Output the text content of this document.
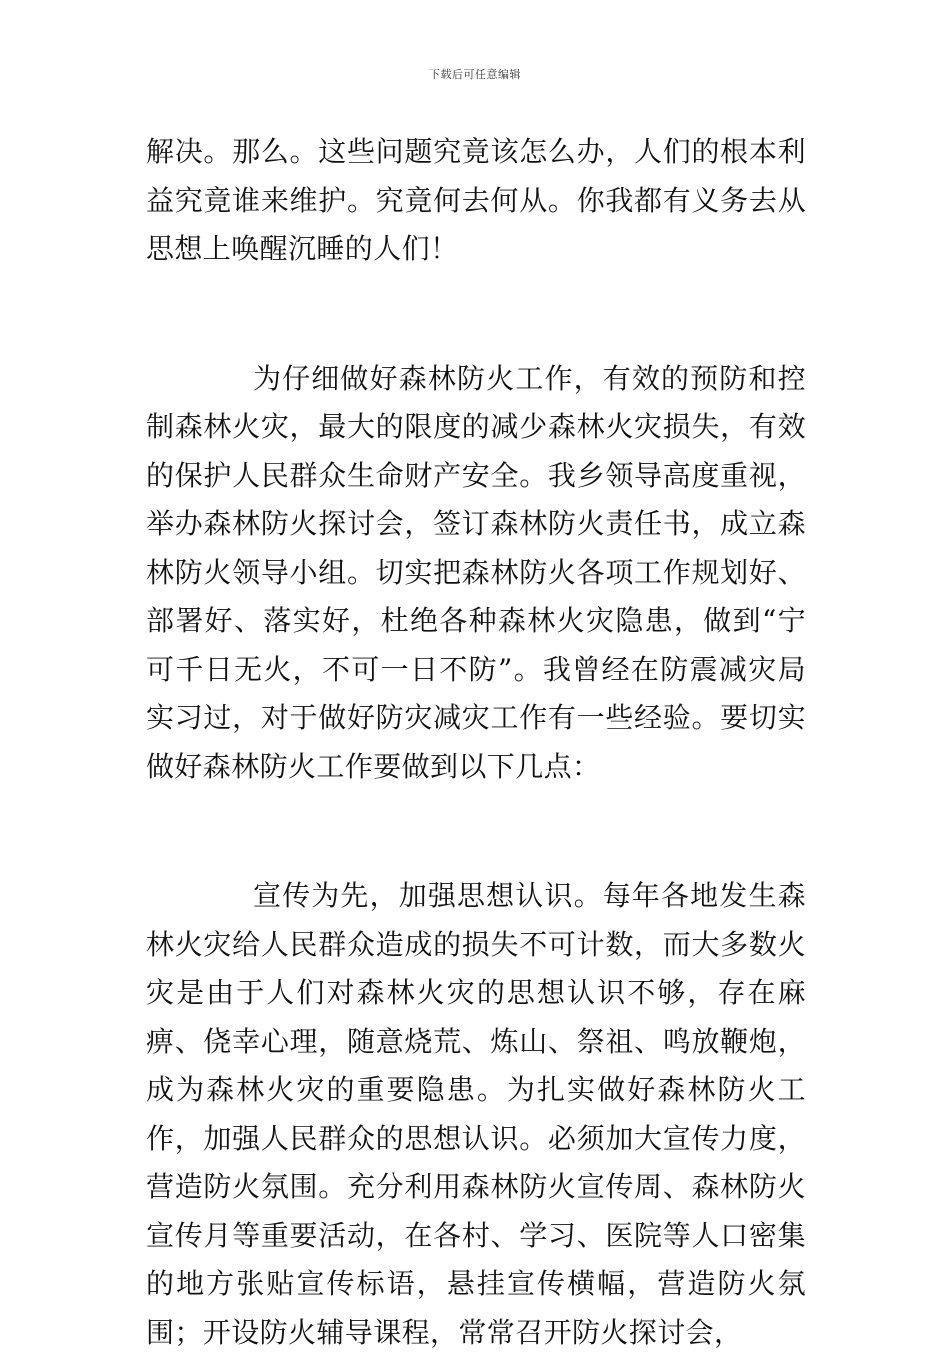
下载后可任意编辑

解决。那么。这些问题究竟该怎么办，人们的根本利益究竟谁来维护。究竟何去何从。你我都有义务去从思想上唤醒沉睡的人们！

为仔细做好森林防火工作，有效的预防和控制森林火灾，最大的限度的减少森林火灾损失，有效的保护人民群众生命财产安全。我乡领导高度重视，举办森林防火探讨会，签订森林防火责任书，成立森林防火领导小组。切实把森林防火各项工作规划好、部署好、落实好，杜绝各种森林火灾隐患，做到“宁可千日无火，不可一日不防”。我曾经在防震减灾局实习过，对于做好防灾减灾工作有一些经验。要切实做好森林防火工作要做到以下几点：

宣传为先，加强思想认识。每年各地发生森林火灾给人民群众造成的损失不可计数，而大多数火灾是由于人们对森林火灾的思想认识不够，存在麻痹、侥幸心理，随意烧荒、炼山、祭祖、鸣放鞭炮，成为森林火灾的重要隐患。为扎实做好森林防火工作，加强人民群众的思想认识。必须加大宣传力度，营造防火氛围。充分利用森林防火宣传周、森林防火宣传月等重要活动，在各村、学习、医院等人口密集的地方张贴宣传标语，悬挂宣传横幅，营造防火氛围；开设防火辅导课程，常常召开防火探讨会，
